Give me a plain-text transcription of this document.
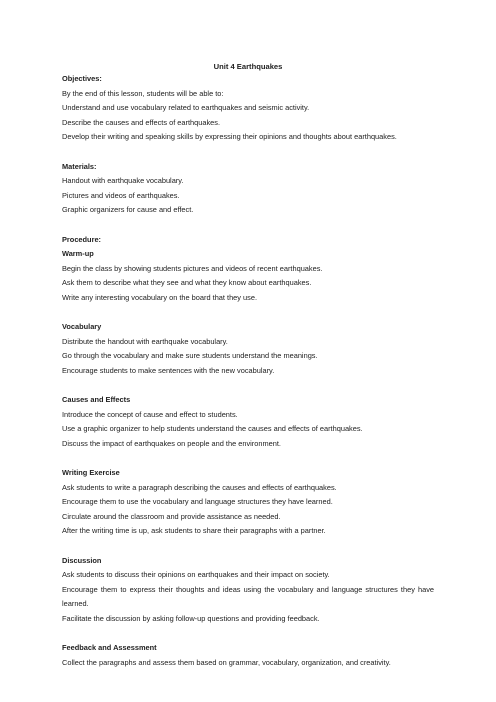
Unit 4 Earthquakes
Objectives:
By the end of this lesson, students will be able to:
Understand and use vocabulary related to earthquakes and seismic activity.
Describe the causes and effects of earthquakes.
Develop their writing and speaking skills by expressing their opinions and thoughts about earthquakes.
Materials:
Handout with earthquake vocabulary.
Pictures and videos of earthquakes.
Graphic organizers for cause and effect.
Procedure:
Warm-up
Begin the class by showing students pictures and videos of recent earthquakes.
Ask them to describe what they see and what they know about earthquakes.
Write any interesting vocabulary on the board that they use.
Vocabulary
Distribute the handout with earthquake vocabulary.
Go through the vocabulary and make sure students understand the meanings.
Encourage students to make sentences with the new vocabulary.
Causes and Effects
Introduce the concept of cause and effect to students.
Use a graphic organizer to help students understand the causes and effects of earthquakes.
Discuss the impact of earthquakes on people and the environment.
Writing Exercise
Ask students to write a paragraph describing the causes and effects of earthquakes.
Encourage them to use the vocabulary and language structures they have learned.
Circulate around the classroom and provide assistance as needed.
After the writing time is up, ask students to share their paragraphs with a partner.
Discussion
Ask students to discuss their opinions on earthquakes and their impact on society.
Encourage them to express their thoughts and ideas using the vocabulary and language structures they have learned.
Facilitate the discussion by asking follow-up questions and providing feedback.
Feedback and Assessment
Collect the paragraphs and assess them based on grammar, vocabulary, organization, and creativity.
